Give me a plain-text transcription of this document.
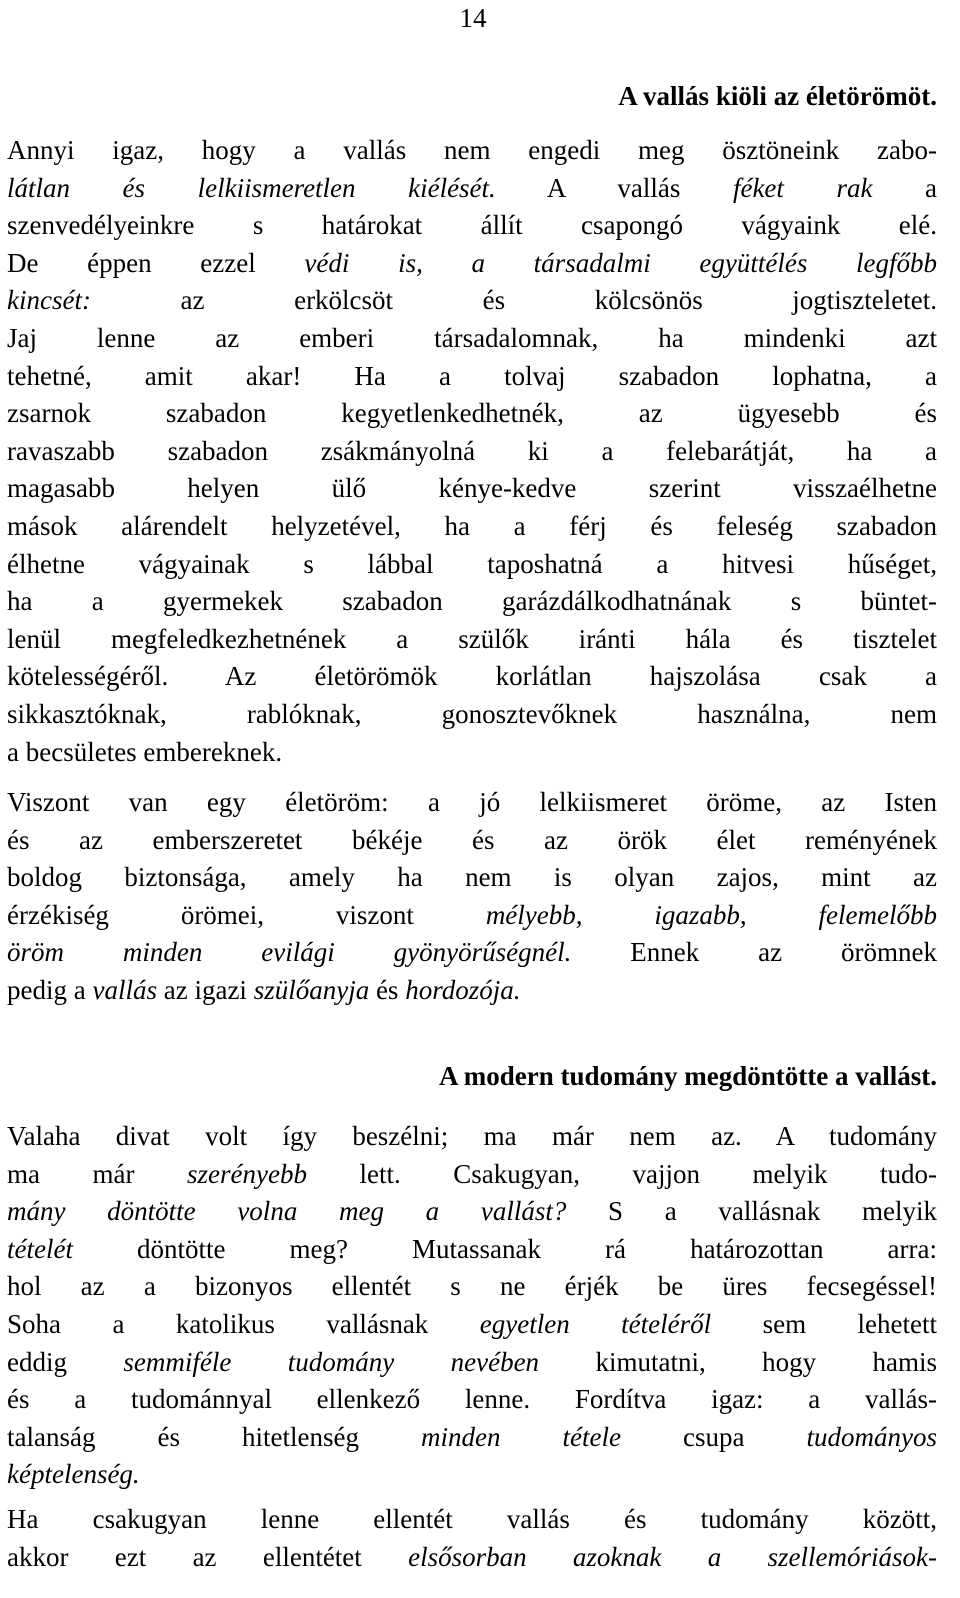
14
A vallás kiöli az életörömöt.
Annyi igaz, hogy a vallás nem engedi meg ösztöneink zabo-
látlan és lelkiismeretlen kiélését. A vallás féket rak a
szenvedélyeinkre s határokat állít csapongó vágyaink elé.
De éppen ezzel védi is, a társadalmi együttélés legfőbb
kincsét: az erkölcsöt és kölcsönös jogtiszteletet.
Jaj lenne az emberi társadalomnak, ha mindenki azt
tehetné, amit akar! Ha a tolvaj szabadon lophatna, a
zsarnok szabadon kegyetlenkedhetnék, az ügyesebb és
ravaszabb szabadon zsákmányolná ki a felebarátját, ha a
magasabb helyen ülő kénye-kedve szerint visszaélhetne
mások alárendelt helyzetével, ha a férj és feleség szabadon
élhetne vágyainak s lábbal taposhatná a hitvesi hűséget,
ha a gyermekek szabadon garázdálkodhatnának s büntet-
lenül megfeledkezhetnének a szülők iránti hála és tisztelet
kötelességéről. Az életörömök korlátlan hajszolása csak a
sikkasztóknak, rablóknak, gonosztevőknek használna, nem
a becsületes embereknek.
Viszont van egy életöröm: a jó lelkiismeret öröme, az Isten
és az emberszeretet békéje és az örök élet reményének
boldog biztonsága, amely ha nem is olyan zajos, mint az
érzékiség örömei, viszont mélyebb, igazabb, felemelőbb
öröm minden evilági gyönyörűségnél. Ennek az örömnek
pedig a vallás az igazi szülőanyja és hordozója.
A modern tudomány megdöntötte a vallást.
Valaha divat volt így beszélni; ma már nem az. A tudomány
ma már szerényebb lett. Csakugyan, vajjon melyik tudo-
mány döntötte volna meg a vallást? S a vallásnak melyik
tételét döntötte meg? Mutassanak rá határozottan arra:
hol az a bizonyos ellentét s ne érjék be üres fecsegéssel!
Soha a katolikus vallásnak egyetlen tételéről sem lehetett
eddig semmiféle tudomány nevében kimutatni, hogy hamis
és a tudománnyal ellenkező lenne. Fordítva igaz: a vallás-
talanság és hitetlenség minden tétele csupa tudományos
képtelenség.
Ha csakugyan lenne ellentét vallás és tudomány között,
akkor ezt az ellentétet elsősorban azoknak a szellemóriások-
